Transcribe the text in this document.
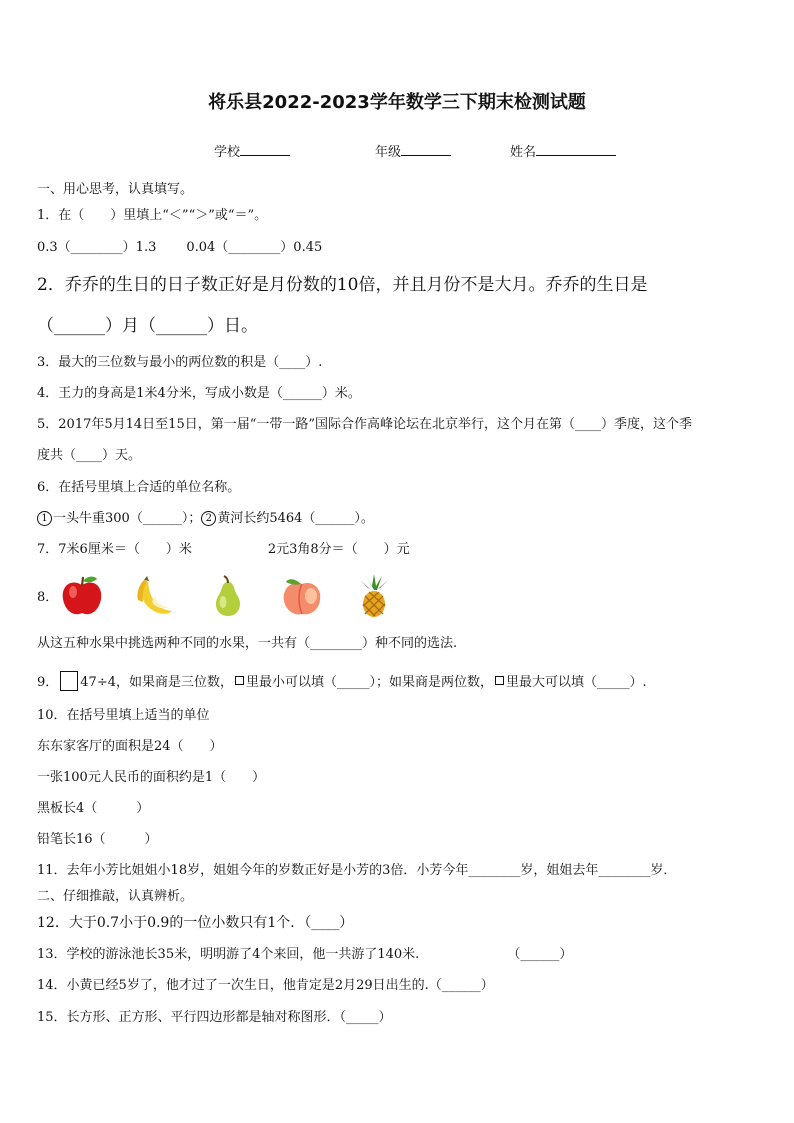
将乐县2022-2023学年数学三下期末检测试题
学校	年级	姓名
一、用心思考，认真填写。
1．在（　　）里填上“＜”“＞”或“＝”。
0.3（________）1.3 0.04（________）0.45
2．乔乔的生日的日子数正好是月份数的10倍，并且月份不是大月。乔乔的生日是
（______）月（______）日。
3．最大的三位数与最小的两位数的积是（____）.
4．王力的身高是1米4分米，写成小数是（______）米。
5．2017年5月14日至15日，第一届“一带一路”国际合作高峰论坛在北京举行，这个月在第（____）季度，这个季
度共（____）天。
6．在括号里填上合适的单位名称。
1 一头牛重300（______）； 2 黄河长约5464（______）。
7．7米6厘米＝（　　）米	2元3角8分＝（　　）元
8．
从这五种水果中挑选两种不同的水果，一共有（________）种不同的选法.
9． 47÷4，如果商是三位数， 里最小可以填（_____）；如果商是两位数， 里最大可以填（_____）.
10．在括号里填上适当的单位
东东家客厅的面积是24（　　）
一张100元人民币的面积约是1（　　）
黑板长4（　　　）
铅笔长16（　　　）
11．去年小芳比姐姐小18岁，姐姐今年的岁数正好是小芳的3倍．小芳今年________岁，姐姐去年________岁．
二、仔细推敲，认真辨析。
12．大于0.7小于0.9的一位小数只有1个．（____）
13．学校的游泳池长35米，明明游了4个来回，他一共游了140米.	（______）
14．小黄已经5岁了，他才过了一次生日，他肯定是2月29日出生的.（______）
15．长方形、正方形、平行四边形都是轴对称图形．（_____）
